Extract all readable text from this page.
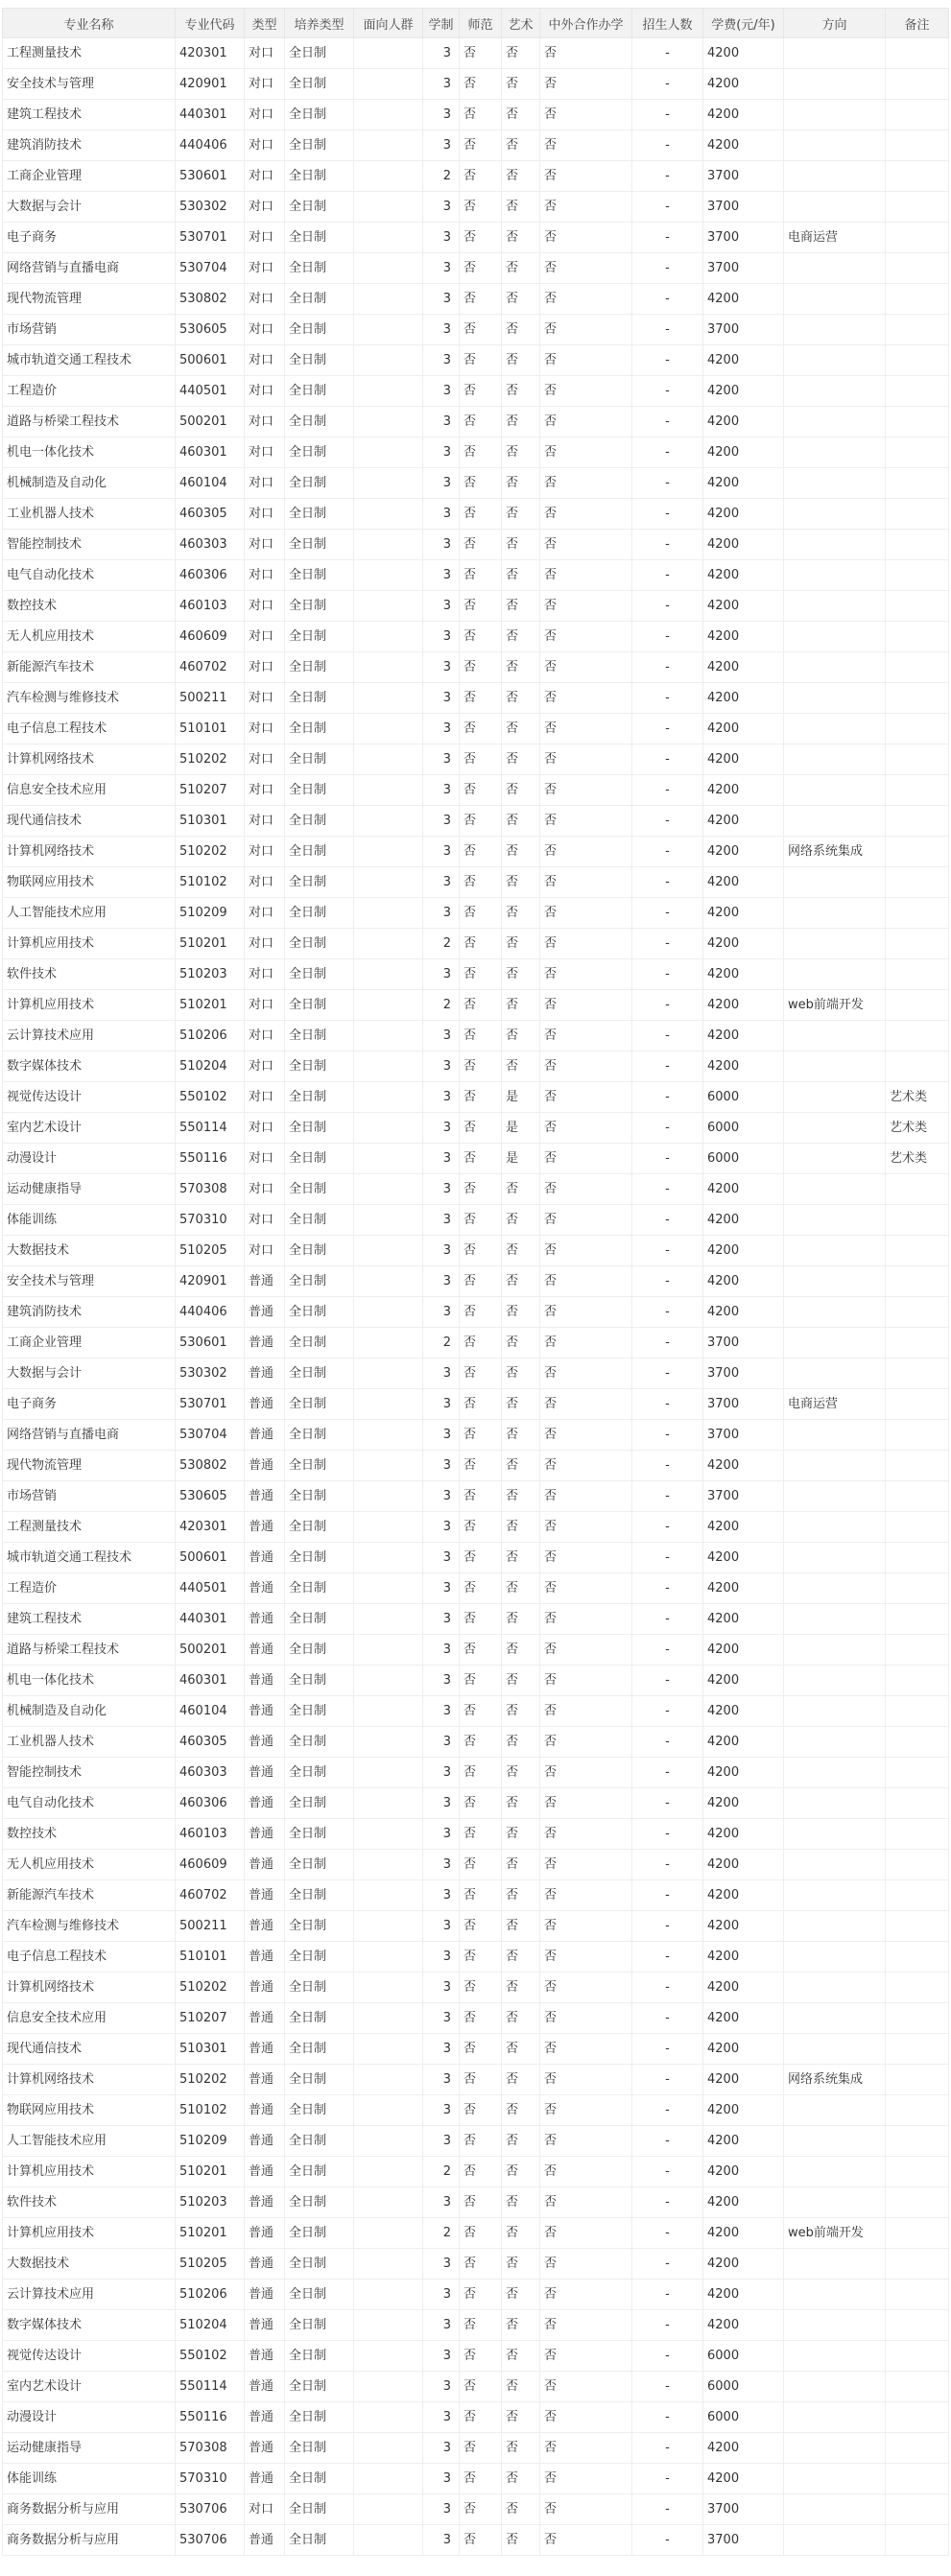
专业名称	专业代码	类型	培养类型	面向人群	学制	师范	艺术	中外合作办学	招生人数	学费(元/年)	方向	备注
工程测量技术	420301	对口	全日制		3	否	否	否	-	4200		
安全技术与管理	420901	对口	全日制		3	否	否	否	-	4200		
建筑工程技术	440301	对口	全日制		3	否	否	否	-	4200		
建筑消防技术	440406	对口	全日制		3	否	否	否	-	4200		
工商企业管理	530601	对口	全日制		2	否	否	否	-	3700		
大数据与会计	530302	对口	全日制		3	否	否	否	-	3700		
电子商务	530701	对口	全日制		3	否	否	否	-	3700	电商运营	
网络营销与直播电商	530704	对口	全日制		3	否	否	否	-	3700		
现代物流管理	530802	对口	全日制		3	否	否	否	-	4200		
市场营销	530605	对口	全日制		3	否	否	否	-	3700		
城市轨道交通工程技术	500601	对口	全日制		3	否	否	否	-	4200		
工程造价	440501	对口	全日制		3	否	否	否	-	4200		
道路与桥梁工程技术	500201	对口	全日制		3	否	否	否	-	4200		
机电一体化技术	460301	对口	全日制		3	否	否	否	-	4200		
机械制造及自动化	460104	对口	全日制		3	否	否	否	-	4200		
工业机器人技术	460305	对口	全日制		3	否	否	否	-	4200		
智能控制技术	460303	对口	全日制		3	否	否	否	-	4200		
电气自动化技术	460306	对口	全日制		3	否	否	否	-	4200		
数控技术	460103	对口	全日制		3	否	否	否	-	4200		
无人机应用技术	460609	对口	全日制		3	否	否	否	-	4200		
新能源汽车技术	460702	对口	全日制		3	否	否	否	-	4200		
汽车检测与维修技术	500211	对口	全日制		3	否	否	否	-	4200		
电子信息工程技术	510101	对口	全日制		3	否	否	否	-	4200		
计算机网络技术	510202	对口	全日制		3	否	否	否	-	4200		
信息安全技术应用	510207	对口	全日制		3	否	否	否	-	4200		
现代通信技术	510301	对口	全日制		3	否	否	否	-	4200		
计算机网络技术	510202	对口	全日制		3	否	否	否	-	4200	网络系统集成	
物联网应用技术	510102	对口	全日制		3	否	否	否	-	4200		
人工智能技术应用	510209	对口	全日制		3	否	否	否	-	4200		
计算机应用技术	510201	对口	全日制		2	否	否	否	-	4200		
软件技术	510203	对口	全日制		3	否	否	否	-	4200		
计算机应用技术	510201	对口	全日制		2	否	否	否	-	4200	web前端开发	
云计算技术应用	510206	对口	全日制		3	否	否	否	-	4200		
数字媒体技术	510204	对口	全日制		3	否	否	否	-	4200		
视觉传达设计	550102	对口	全日制		3	否	是	否	-	6000		艺术类
室内艺术设计	550114	对口	全日制		3	否	是	否	-	6000		艺术类
动漫设计	550116	对口	全日制		3	否	是	否	-	6000		艺术类
运动健康指导	570308	对口	全日制		3	否	否	否	-	4200		
体能训练	570310	对口	全日制		3	否	否	否	-	4200		
大数据技术	510205	对口	全日制		3	否	否	否	-	4200		
安全技术与管理	420901	普通	全日制		3	否	否	否	-	4200		
建筑消防技术	440406	普通	全日制		3	否	否	否	-	4200		
工商企业管理	530601	普通	全日制		2	否	否	否	-	3700		
大数据与会计	530302	普通	全日制		3	否	否	否	-	3700		
电子商务	530701	普通	全日制		3	否	否	否	-	3700	电商运营	
网络营销与直播电商	530704	普通	全日制		3	否	否	否	-	3700		
现代物流管理	530802	普通	全日制		3	否	否	否	-	4200		
市场营销	530605	普通	全日制		3	否	否	否	-	3700		
工程测量技术	420301	普通	全日制		3	否	否	否	-	4200		
城市轨道交通工程技术	500601	普通	全日制		3	否	否	否	-	4200		
工程造价	440501	普通	全日制		3	否	否	否	-	4200		
建筑工程技术	440301	普通	全日制		3	否	否	否	-	4200		
道路与桥梁工程技术	500201	普通	全日制		3	否	否	否	-	4200		
机电一体化技术	460301	普通	全日制		3	否	否	否	-	4200		
机械制造及自动化	460104	普通	全日制		3	否	否	否	-	4200		
工业机器人技术	460305	普通	全日制		3	否	否	否	-	4200		
智能控制技术	460303	普通	全日制		3	否	否	否	-	4200		
电气自动化技术	460306	普通	全日制		3	否	否	否	-	4200		
数控技术	460103	普通	全日制		3	否	否	否	-	4200		
无人机应用技术	460609	普通	全日制		3	否	否	否	-	4200		
新能源汽车技术	460702	普通	全日制		3	否	否	否	-	4200		
汽车检测与维修技术	500211	普通	全日制		3	否	否	否	-	4200		
电子信息工程技术	510101	普通	全日制		3	否	否	否	-	4200		
计算机网络技术	510202	普通	全日制		3	否	否	否	-	4200		
信息安全技术应用	510207	普通	全日制		3	否	否	否	-	4200		
现代通信技术	510301	普通	全日制		3	否	否	否	-	4200		
计算机网络技术	510202	普通	全日制		3	否	否	否	-	4200	网络系统集成	
物联网应用技术	510102	普通	全日制		3	否	否	否	-	4200		
人工智能技术应用	510209	普通	全日制		3	否	否	否	-	4200		
计算机应用技术	510201	普通	全日制		2	否	否	否	-	4200		
软件技术	510203	普通	全日制		3	否	否	否	-	4200		
计算机应用技术	510201	普通	全日制		2	否	否	否	-	4200	web前端开发	
大数据技术	510205	普通	全日制		3	否	否	否	-	4200		
云计算技术应用	510206	普通	全日制		3	否	否	否	-	4200		
数字媒体技术	510204	普通	全日制		3	否	否	否	-	4200		
视觉传达设计	550102	普通	全日制		3	否	否	否	-	6000		
室内艺术设计	550114	普通	全日制		3	否	否	否	-	6000		
动漫设计	550116	普通	全日制		3	否	否	否	-	6000		
运动健康指导	570308	普通	全日制		3	否	否	否	-	4200		
体能训练	570310	普通	全日制		3	否	否	否	-	4200		
商务数据分析与应用	530706	对口	全日制		3	否	否	否	-	3700		
商务数据分析与应用	530706	普通	全日制		3	否	否	否	-	3700		
